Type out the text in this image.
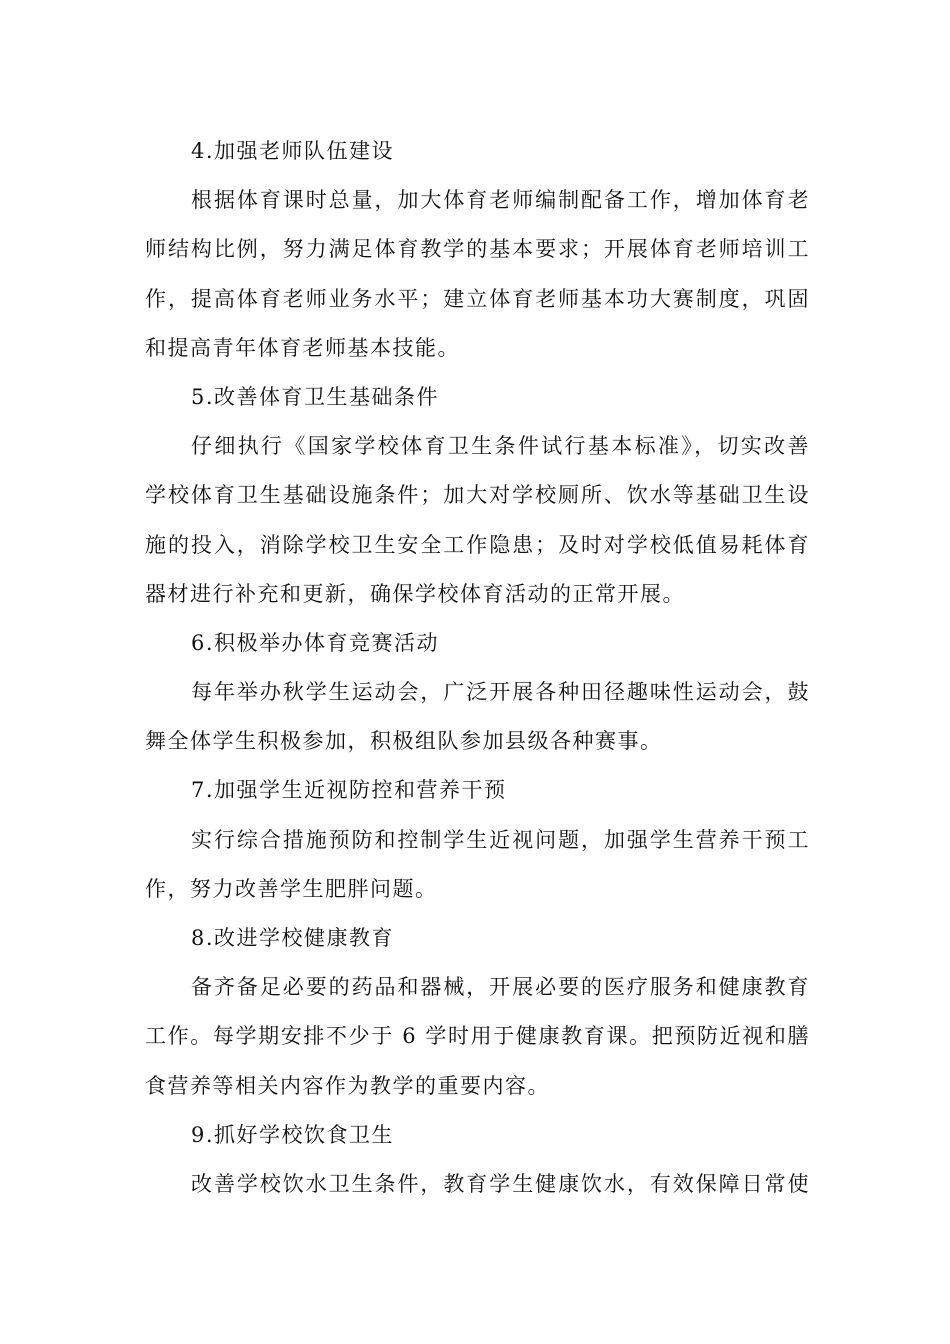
4.加强老师队伍建设
根据体育课时总量，加大体育老师编制配备工作，增加体育老
师结构比例，努力满足体育教学的基本要求；开展体育老师培训工
作，提高体育老师业务水平；建立体育老师基本功大赛制度，巩固
和提高青年体育老师基本技能。
5.改善体育卫生基础条件
仔细执行《国家学校体育卫生条件试行基本标准》，切实改善
学校体育卫生基础设施条件；加大对学校厕所、饮水等基础卫生设
施的投入，消除学校卫生安全工作隐患；及时对学校低值易耗体育
器材进行补充和更新，确保学校体育活动的正常开展。
6.积极举办体育竞赛活动
每年举办秋学生运动会，广泛开展各种田径趣味性运动会，鼓
舞全体学生积极参加，积极组队参加县级各种赛事。
7.加强学生近视防控和营养干预
实行综合措施预防和控制学生近视问题，加强学生营养干预工
作，努力改善学生肥胖问题。
8.改进学校健康教育
备齐备足必要的药品和器械，开展必要的医疗服务和健康教育
工作。每学期安排不少于 6 学时用于健康教育课。把预防近视和膳
食营养等相关内容作为教学的重要内容。
9.抓好学校饮食卫生
改善学校饮水卫生条件，教育学生健康饮水，有效保障日常使
